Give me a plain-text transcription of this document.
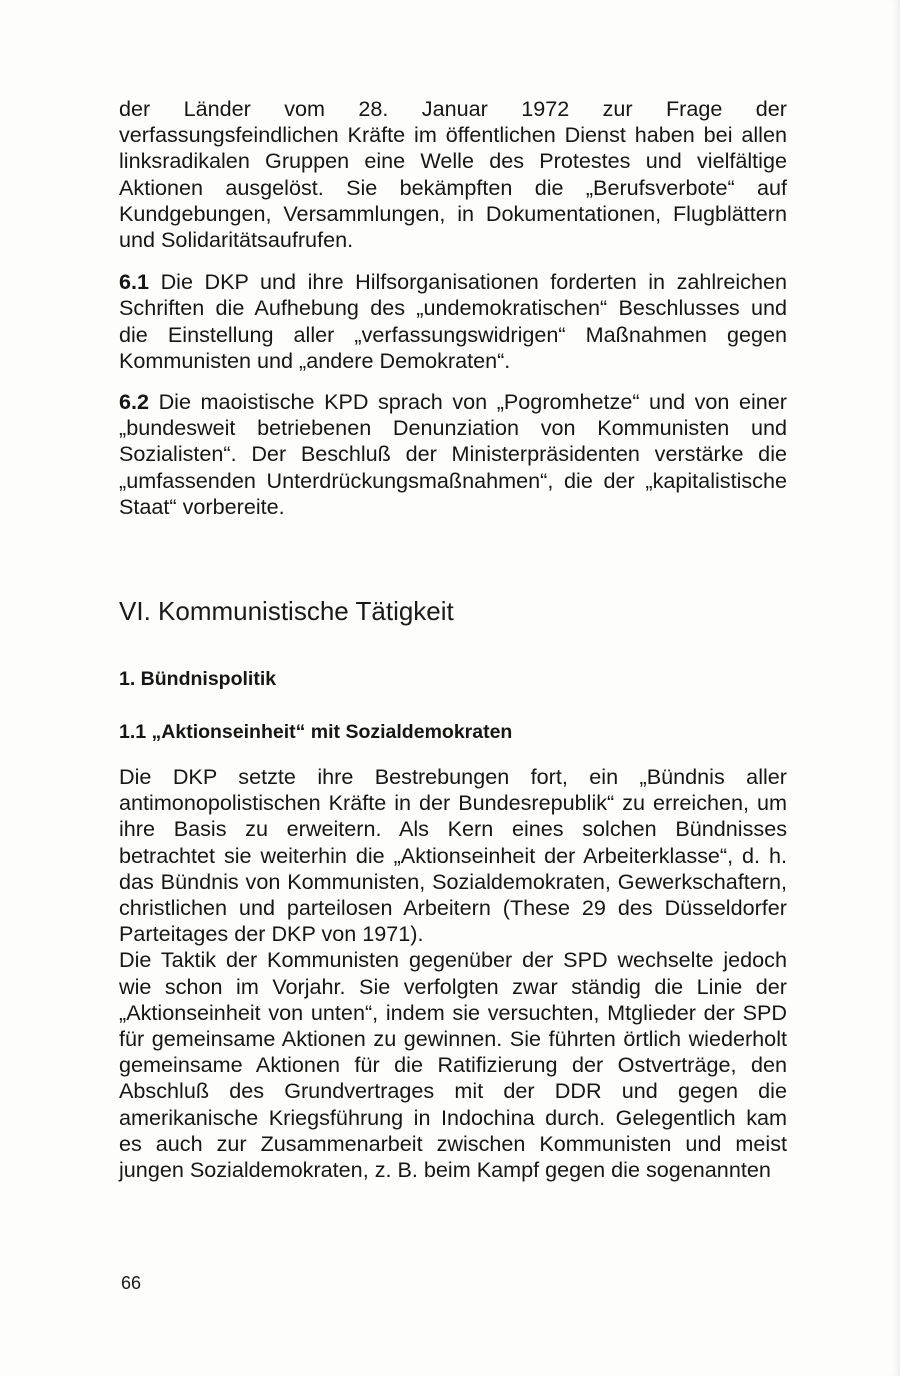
der Länder vom 28. Januar 1972 zur Frage der verfassungsfeindlichen Kräfte im öffentlichen Dienst haben bei allen linksradikalen Gruppen eine Welle des Protestes und vielfältige Aktionen ausgelöst. Sie bekämpften die „Berufsverbote“ auf Kundgebungen, Versammlungen, in Dokumentationen, Flugblättern und Solidaritätsaufrufen.

6.1 Die DKP und ihre Hilfsorganisationen forderten in zahlreichen Schriften die Aufhebung des „undemokratischen“ Beschlusses und die Einstellung aller „verfassungswidrigen“ Maßnahmen gegen Kommunisten und „andere Demokraten“.

6.2 Die maoistische KPD sprach von „Pogromhetze“ und von einer „bundesweit betriebenen Denunziation von Kommunisten und Sozialisten“. Der Beschluß der Ministerpräsidenten verstärke die „umfassenden Unterdrückungsmaßnahmen“, die der „kapitalistische Staat“ vorbereite.

VI. Kommunistische Tätigkeit
1. Bündnispolitik
1.1 „Aktionseinheit“ mit Sozialdemokraten

Die DKP setzte ihre Bestrebungen fort, ein „Bündnis aller antimonopolistischen Kräfte in der Bundesrepublik“ zu erreichen, um ihre Basis zu erweitern. Als Kern eines solchen Bündnisses betrachtet sie weiterhin die „Aktionseinheit der Arbeiterklasse“, d. h. das Bündnis von Kommunisten, Sozialdemokraten, Gewerkschaftern, christlichen und parteilosen Arbeitern (These 29 des Düsseldorfer Parteitages der DKP von 1971).

Die Taktik der Kommunisten gegenüber der SPD wechselte jedoch wie schon im Vorjahr. Sie verfolgten zwar ständig die Linie der „Aktionseinheit von unten“, indem sie versuchten, Mtglieder der SPD für gemeinsame Aktionen zu gewinnen. Sie führten örtlich wiederholt gemeinsame Aktionen für die Ratifizierung der Ostverträge, den Abschluß des Grundvertrages mit der DDR und gegen die amerikanische Kriegsführung in Indochina durch. Gelegentlich kam es auch zur Zusammenarbeit zwischen Kommunisten und meist jungen Sozialdemokraten, z. B. beim Kampf gegen die sogenannten

66
